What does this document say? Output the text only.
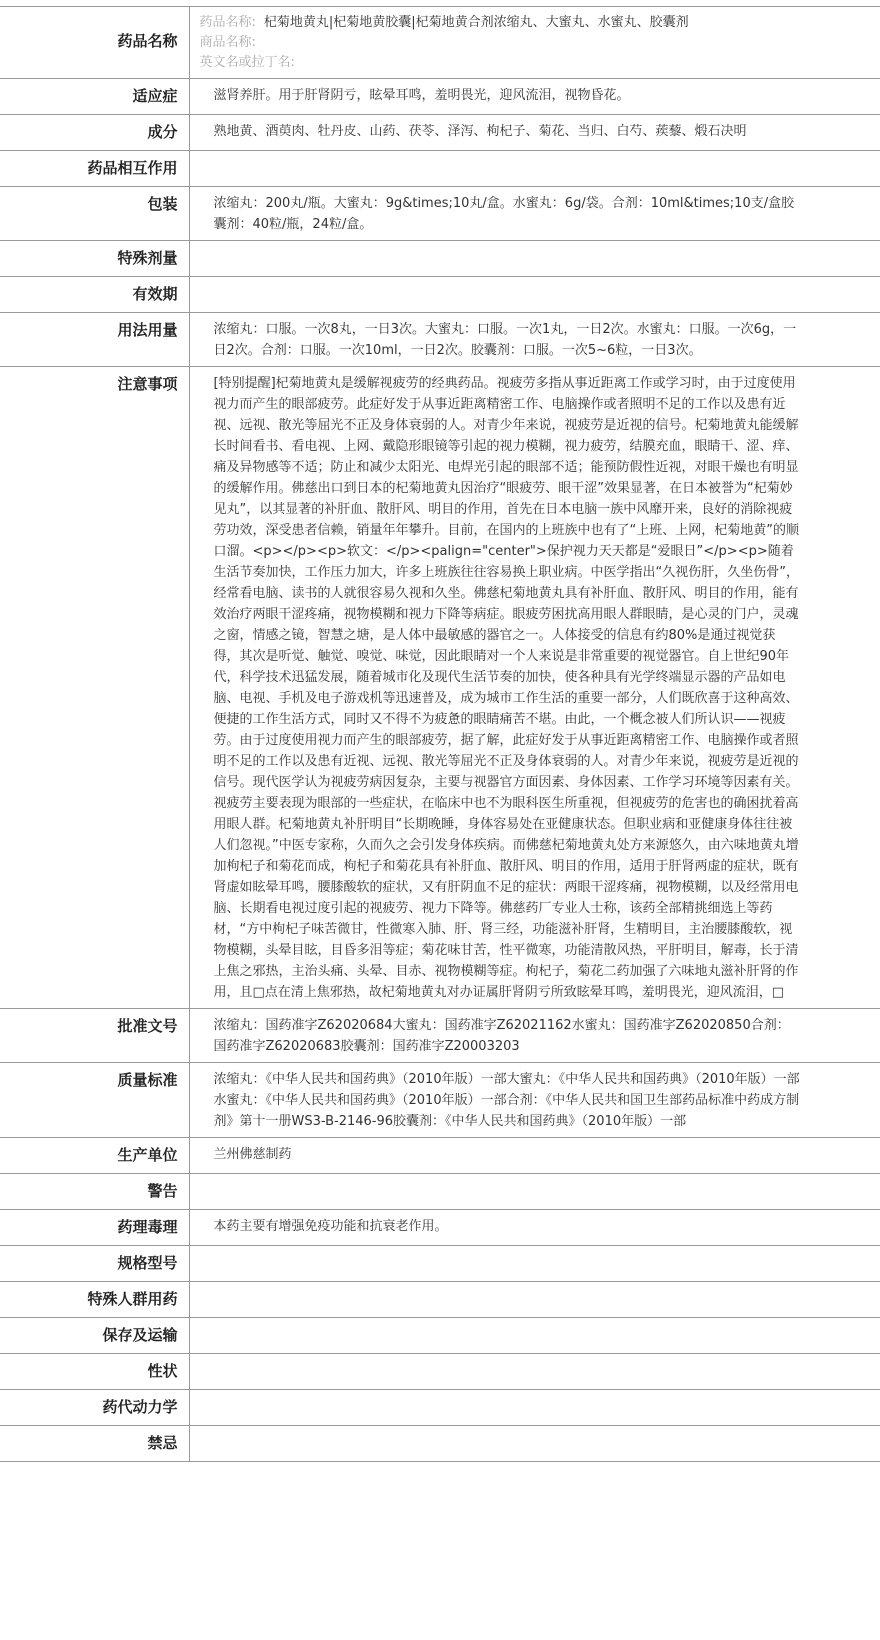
药品名称	药品名称: 杞菊地黄丸|杞菊地黄胶囊|杞菊地黄合剂浓缩丸、大蜜丸、水蜜丸、胶囊剂
商品名称:
英文名或拉丁名:

适应症	滋肾养肝。用于肝肾阴亏，眩晕耳鸣，羞明畏光，迎风流泪，视物昏花。
成分	熟地黄、酒萸肉、牡丹皮、山药、茯苓、泽泻、枸杞子、菊花、当归、白芍、蒺藜、煅石决明
药品相互作用	
包装	浓缩丸：200丸/瓶。大蜜丸：9g&times;10丸/盒。水蜜丸：6g/袋。合剂：10ml&times;10支/盒胶囊剂：40粒/瓶，24粒/盒。
特殊剂量	
有效期	
用法用量	浓缩丸：口服。一次8丸，一日3次。大蜜丸：口服。一次1丸，一日2次。水蜜丸：口服。一次6g，一日2次。合剂：口服。一次10ml，一日2次。胶囊剂：口服。一次5~6粒，一日3次。
注意事项	[特别提醒]杞菊地黄丸是缓解视疲劳的经典药品。视疲劳多指从事近距离工作或学习时，由于过度使用视力而产生的眼部疲劳。此症好发于从事近距离精密工作、电脑操作或者照明不足的工作以及患有近视、远视、散光等屈光不正及身体衰弱的人。对青少年来说，视疲劳是近视的信号。杞菊地黄丸能缓解长时间看书、看电视、上网、戴隐形眼镜等引起的视力模糊，视力疲劳，结膜充血，眼睛干、涩、痒、痛及异物感等不适；防止和减少太阳光、电焊光引起的眼部不适；能预防假性近视，对眼干燥也有明显的缓解作用。佛慈出口到日本的杞菊地黄丸因治疗“眼疲劳、眼干涩”效果显著，在日本被誉为“杞菊妙见丸”，以其显著的补肝血、散肝风、明目的作用，首先在日本电脑一族中风靡开来，良好的消除视疲劳功效，深受患者信赖，销量年年攀升。目前，在国内的上班族中也有了“上班、上网，杞菊地黄”的顺口溜。<p></p><p>软文：</p><palign="center">保护视力天天都是“爱眼日”</p><p>随着生活节奏加快，工作压力加大，许多上班族往往容易换上职业病。中医学指出“久视伤肝，久坐伤骨”，经常看电脑、读书的人就很容易久视和久坐。佛慈杞菊地黄丸具有补肝血、散肝风、明目的作用，能有效治疗两眼干涩疼痛，视物模糊和视力下降等病症。眼疲劳困扰高用眼人群眼睛，是心灵的门户，灵魂之窗，情感之镜，智慧之塘，是人体中最敏感的器官之一。人体接受的信息有约80%是通过视觉获得，其次是听觉、触觉、嗅觉、味觉，因此眼睛对一个人来说是非常重要的视觉器官。自上世纪90年代，科学技术迅猛发展，随着城市化及现代生活节奏的加快，使各种具有光学终端显示器的产品如电脑、电视、手机及电子游戏机等迅速普及，成为城市工作生活的重要一部分，人们既欣喜于这种高效、便捷的工作生活方式，同时又不得不为疲惫的眼睛痛苦不堪。由此，一个概念被人们所认识——视疲劳。由于过度使用视力而产生的眼部疲劳，据了解，此症好发于从事近距离精密工作、电脑操作或者照明不足的工作以及患有近视、远视、散光等屈光不正及身体衰弱的人。对青少年来说，视疲劳是近视的信号。现代医学认为视疲劳病因复杂，主要与视器官方面因素、身体因素、工作学习环境等因素有关。视疲劳主要表现为眼部的一些症状，在临床中也不为眼科医生所重视，但视疲劳的危害也的确困扰着高用眼人群。杞菊地黄丸补肝明目“长期晚睡，身体容易处在亚健康状态。但职业病和亚健康身体往往被人们忽视。”中医专家称，久而久之会引发身体疾病。而佛慈杞菊地黄丸处方来源悠久，由六味地黄丸增加枸杞子和菊花而成，枸杞子和菊花具有补肝血、散肝风、明目的作用，适用于肝肾两虚的症状，既有肾虚如眩晕耳鸣，腰膝酸软的症状，又有肝阴血不足的症状：两眼干涩疼痛，视物模糊，以及经常用电脑、长期看电视过度引起的视疲劳、视力下降等。佛慈药厂专业人士称，该药全部精挑细选上等药材，“方中枸杞子味苦微甘，性微寒入肺、肝、肾三经，功能滋补肝肾，生精明目，主治腰膝酸软，视物模糊，头晕目眩，目昏多泪等症；菊花味甘苦，性平微寒，功能清散风热，平肝明目，解毒，长于清上焦之邪热，主治头痛、头晕、目赤、视物模糊等症。枸杞子，菊花二药加强了六味地丸滋补肝肾的作用，且□点在清上焦邪热，故杞菊地黄丸对办证属肝肾阴亏所致眩晕耳鸣，羞明畏光，迎风流泪，□
批准文号	浓缩丸：国药准字Z62020684大蜜丸：国药准字Z62021162水蜜丸：国药准字Z62020850合剂：国药准字Z62020683胶囊剂：国药准字Z20003203
质量标准	浓缩丸：《中华人民共和国药典》（2010年版）一部大蜜丸：《中华人民共和国药典》（2010年版）一部水蜜丸：《中华人民共和国药典》（2010年版）一部合剂：《中华人民共和国卫生部药品标准中药成方制剂》第十一册WS3-B-2146-96胶囊剂：《中华人民共和国药典》（2010年版）一部
生产单位	兰州佛慈制药
警告	
药理毒理	本药主要有增强免疫功能和抗衰老作用。
规格型号	
特殊人群用药	
保存及运输	
性状	
药代动力学	
禁忌	
